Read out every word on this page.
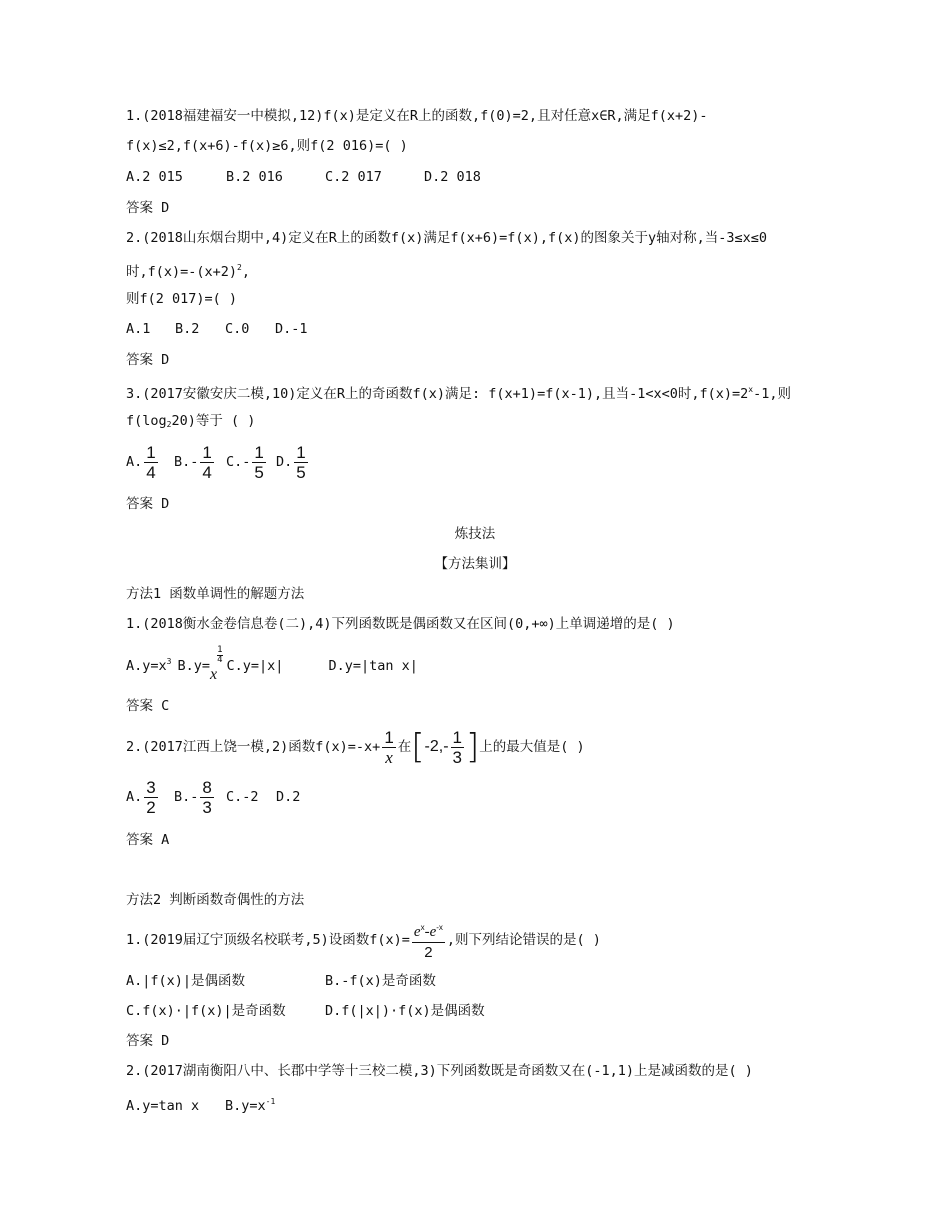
1.(2018福建福安一中模拟,12)f(x)是定义在R上的函数,f(0)=2,且对任意x∈R,满足f(x+2)-
f(x)≤2,f(x+6)-f(x)≥6,则f(2 016)=( )
A.2 015	B.2 016	C.2 017	D.2 018
答案 D
2.(2018山东烟台期中,4)定义在R上的函数f(x)满足f(x+6)=f(x),f(x)的图象关于y轴对称,当-3≤x≤0
时$,f(x)=-(x+2)^2$,
则f(2 017)=( )
A.1 B.2 C.0 D.-1
答案 D
3.(2017安徽安庆二模,10)定义在R上的奇函数f(x)满足: f(x+1)=f(x-1),且当-1<x<0时$,f(x)=2^x-1$,则
$f(\log_220)$等于 ( )
A. $\frac{1}{4} B.- \frac{1}{4} C.- \frac{1}{5} D$. $\frac{1}{5}$
答案 D
炼技法
【方法集训】
方法1 函数单调性的解题方法
1.(2018衡水金卷信息卷(二),4)下列函数既是偶函数又在区间(0,+∞)上单调递增的是( )
$A.y=x^3$ B.y=x
$\frac{1}{4}$
C.y=|x|	D.y=|tan x|
答案 C
2.(2017江西上饶一模,2)函数$f(x)=-x+ \frac{1}{x}$ 在[$-2,- \frac{1}{3}$ ]上的最大值是( )
A. $\frac{3}{2} B.- \frac{8}{3} C.-2$ D.2
答案 A
方法2 判断函数奇偶性的方法
1.(2019届辽宁顶级名校联考,5)设函数$f(x)= \frac{e^x-e^{-x}}{2}$ ,则下列结论错误的是( )
A.|f(x)|是偶函数	B.-f(x)是奇函数
C.f(x)·|f(x)|是奇函数	D.f(|x|)·f(x)是偶函数
答案 D
2.(2017湖南衡阳八中、长郡中学等十三校二模,3)下列函数既是奇函数又在(-1,1)上是减函数的是( )
A.y=tan x $B.y=x^{-1}$
